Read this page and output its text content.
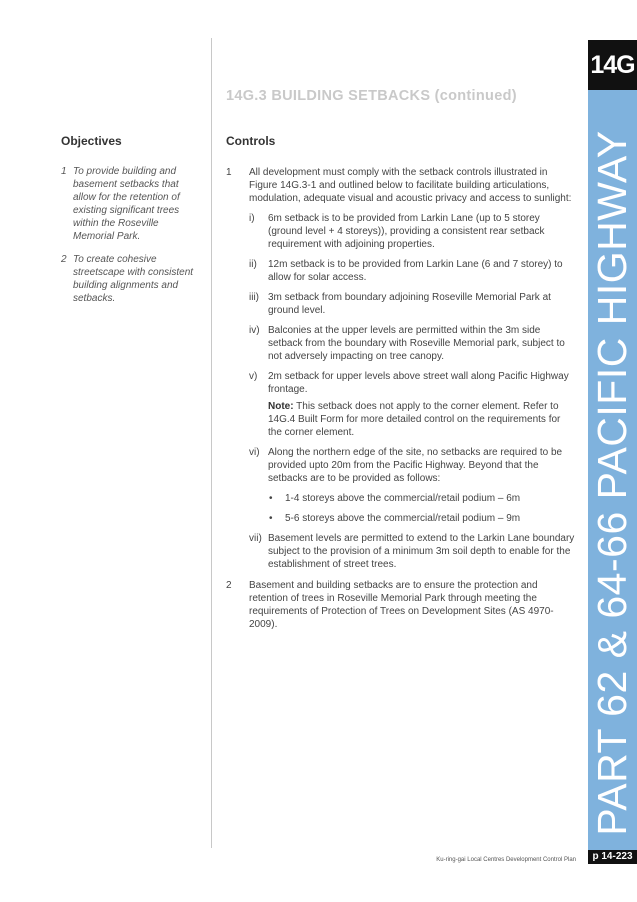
14G
PART 62 & 64-66 PACIFIC HIGHWAY
p 14-223
Ku-ring-gai Local Centres Development Control Plan
14G.3 BUILDING SETBACKS (continued)
Objectives	Controls
1 To provide building and basement setbacks that allow for the retention of existing significant trees within the Roseville Memorial Park.
2 To create cohesive streetscape with consistent building alignments and setbacks.
1 All development must comply with the setback controls illustrated in Figure 14G.3-1 and outlined below to facilitate building articulations, modulation, adequate visual and acoustic privacy and access to sunlight:
i) 6m setback is to be provided from Larkin Lane (up to 5 storey (ground level + 4 storeys)), providing a consistent rear setback requirement with adjoining properties.
ii) 12m setback is to be provided from Larkin Lane (6 and 7 storey) to allow for solar access.
iii) 3m setback from boundary adjoining Roseville Memorial Park at ground level.
iv) Balconies at the upper levels are permitted within the 3m side setback from the boundary with Roseville Memorial park, subject to not adversely impacting on tree canopy.
v) 2m setback for upper levels above street wall along Pacific Highway frontage.
Note: This setback does not apply to the corner element. Refer to 14G.4 Built Form for more detailed control on the requirements for the corner element.
vi) Along the northern edge of the site, no setbacks are required to be provided upto 20m from the Pacific Highway. Beyond that the setbacks are to be provided as follows:
• 1-4 storeys above the commercial/retail podium – 6m
• 5-6 storeys above the commercial/retail podium – 9m
vii) Basement levels are permitted to extend to the Larkin Lane boundary subject to the provision of a minimum 3m soil depth to enable for the establishment of street trees.
2 Basement and building setbacks are to ensure the protection and retention of trees in Roseville Memorial Park through meeting the requirements of Protection of Trees on Development Sites (AS 4970-2009).
